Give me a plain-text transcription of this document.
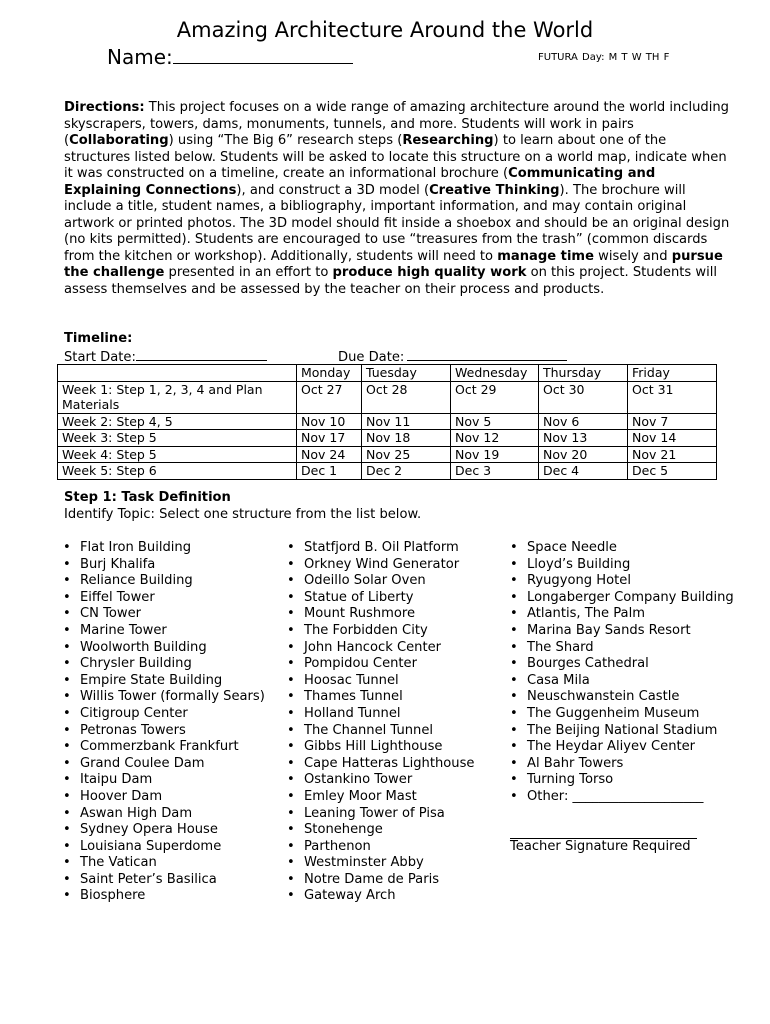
Amazing Architecture Around the World
Name:	FUTURA Day: M T W TH F
Directions: This project focuses on a wide range of amazing architecture around the world including skyscrapers, towers, dams, monuments, tunnels, and more. Students will work in pairs (Collaborating) using “The Big 6” research steps (Researching) to learn about one of the structures listed below. Students will be asked to locate this structure on a world map, indicate when it was constructed on a timeline, create an informational brochure (Communicating and Explaining Connections), and construct a 3D model (Creative Thinking). The brochure will include a title, student names, a bibliography, important information, and may contain original artwork or printed photos. The 3D model should fit inside a shoebox and should be an original design (no kits permitted). Students are encouraged to use “treasures from the trash” (common discards from the kitchen or workshop). Additionally, students will need to manage time wisely and pursue the challenge presented in an effort to produce high quality work on this project. Students will assess themselves and be assessed by the teacher on their process and products.
Timeline:
Start Date:	Due Date:
	Monday	Tuesday	Wednesday	Thursday	Friday
Week 1: Step 1, 2, 3, 4 and Plan Materials	Oct 27	Oct 28	Oct 29	Oct 30	Oct 31
Week 2: Step 4, 5	Nov 10	Nov 11	Nov 5	Nov 6	Nov 7
Week 3: Step 5	Nov 17	Nov 18	Nov 12	Nov 13	Nov 14
Week 4: Step 5	Nov 24	Nov 25	Nov 19	Nov 20	Nov 21
Week 5: Step 6	Dec 1	Dec 2	Dec 3	Dec 4	Dec 5
Step 1: Task Definition
Identify Topic: Select one structure from the list below.
• Flat Iron Building
• Burj Khalifa
• Reliance Building
• Eiffel Tower
• CN Tower
• Marine Tower
• Woolworth Building
• Chrysler Building
• Empire State Building
• Willis Tower (formally Sears)
• Citigroup Center
• Petronas Towers
• Commerzbank Frankfurt
• Grand Coulee Dam
• Itaipu Dam
• Hoover Dam
• Aswan High Dam
• Sydney Opera House
• Louisiana Superdome
• The Vatican
• Saint Peter’s Basilica
• Biosphere
• Statfjord B. Oil Platform
• Orkney Wind Generator
• Odeillo Solar Oven
• Statue of Liberty
• Mount Rushmore
• The Forbidden City
• John Hancock Center
• Pompidou Center
• Hoosac Tunnel
• Thames Tunnel
• Holland Tunnel
• The Channel Tunnel
• Gibbs Hill Lighthouse
• Cape Hatteras Lighthouse
• Ostankino Tower
• Emley Moor Mast
• Leaning Tower of Pisa
• Stonehenge
• Parthenon
• Westminster Abby
• Notre Dame de Paris
• Gateway Arch
• Space Needle
• Lloyd’s Building
• Ryugyong Hotel
• Longaberger Company Building
• Atlantis, The Palm
• Marina Bay Sands Resort
• The Shard
• Bourges Cathedral
• Casa Mila
• Neuschwanstein Castle
• The Guggenheim Museum
• The Beijing National Stadium
• The Heydar Aliyev Center
• Al Bahr Towers
• Turning Torso
• Other: ____________________
Teacher Signature Required
